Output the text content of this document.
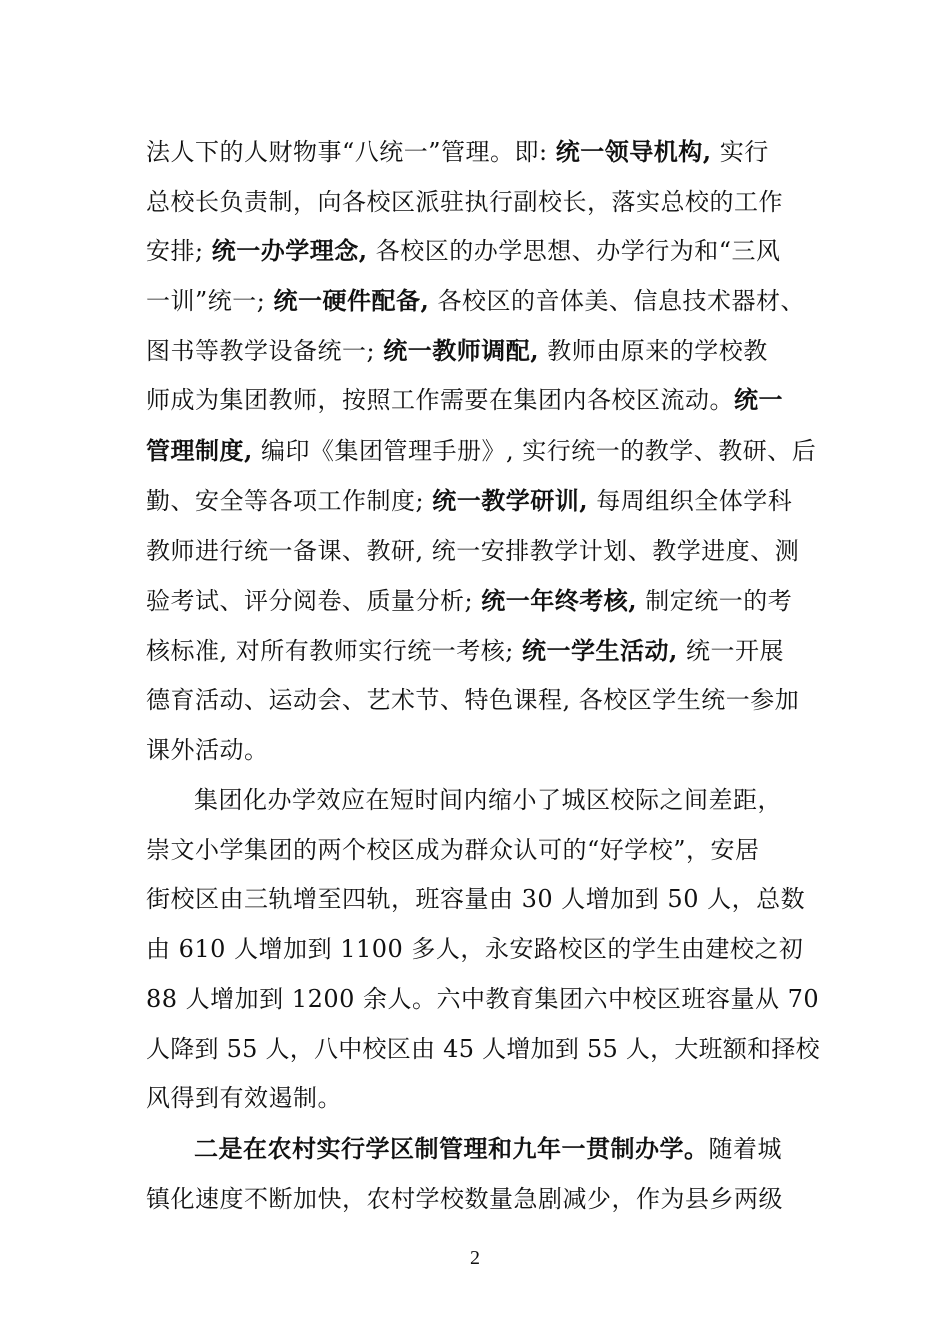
法人下的人财物事“八统一”管理。即: 统一领导机构, 实行
总校长负责制，向各校区派驻执行副校长，落实总校的工作
安排; 统一办学理念, 各校区的办学思想、办学行为和“三风
一训”统一; 统一硬件配备, 各校区的音体美、信息技术器材、
图书等教学设备统一; 统一教师调配, 教师由原来的学校教
师成为集团教师，按照工作需要在集团内各校区流动。统一
管理制度, 编印《集团管理手册》, 实行统一的教学、教研、后
勤、安全等各项工作制度; 统一教学研训, 每周组织全体学科
教师进行统一备课、教研, 统一安排教学计划、教学进度、测
验考试、评分阅卷、质量分析; 统一年终考核, 制定统一的考
核标准, 对所有教师实行统一考核; 统一学生活动, 统一开展
德育活动、运动会、艺术节、特色课程, 各校区学生统一参加
课外活动。
集团化办学效应在短时间内缩小了城区校际之间差距，
崇文小学集团的两个校区成为群众认可的“好学校”，安居
街校区由三轨增至四轨，班容量由 30 人增加到 50 人，总数
由 610 人增加到 1100 多人，永安路校区的学生由建校之初
88 人增加到 1200 余人。六中教育集团六中校区班容量从 70
人降到 55 人，八中校区由 45 人增加到 55 人，大班额和择校
风得到有效遏制。
二是在农村实行学区制管理和九年一贯制办学。随着城
镇化速度不断加快，农村学校数量急剧减少，作为县乡两级
2
